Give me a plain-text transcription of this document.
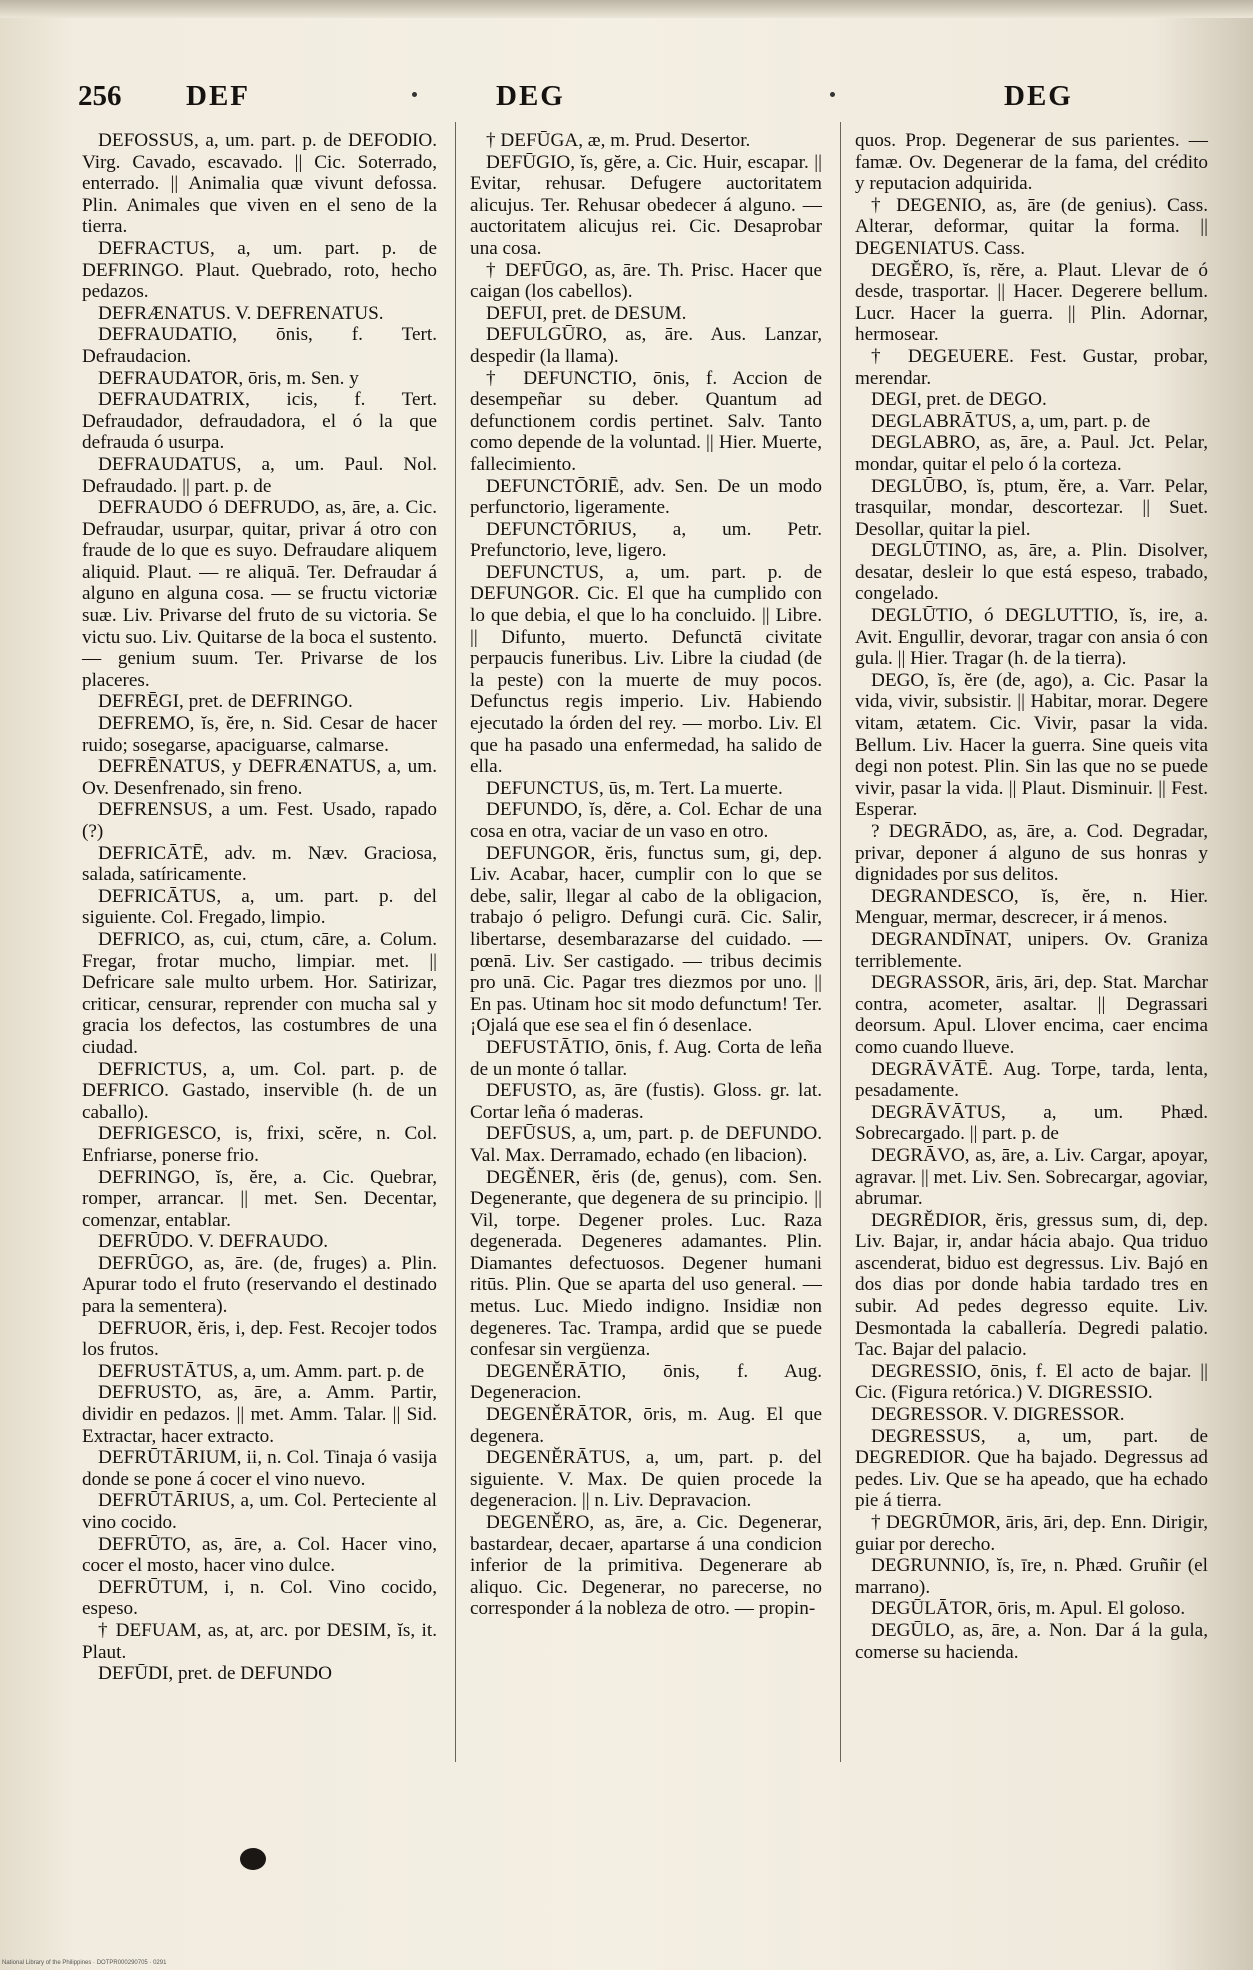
256 DEF	DEG	DEG
DEFOSSUS, a, um. part. p. de DEFODIO. Virg. Cavado, escavado. || Cic. Soterrado, enterrado. || Animalia quæ vivunt defossa. Plin. Animales que viven en el seno de la tierra.
DEFRACTUS, a, um. part. p. de DEFRINGO. Plaut. Quebrado, roto, hecho pedazos.
DEFRÆNATUS. V. DEFRENATUS.
DEFRAUDATIO, ōnis, f. Tert. Defraudacion.
DEFRAUDATOR, ōris, m. Sen. y
DEFRAUDATRIX, icis, f. Tert. Defraudador, defraudadora, el ó la que defrauda ó usurpa.
DEFRAUDATUS, a, um. Paul. Nol. Defraudado. || part. p. de
DEFRAUDO ó DEFRUDO, as, āre, a. Cic. Defraudar, usurpar, quitar, privar á otro con fraude de lo que es suyo. Defraudare aliquem aliquid. Plaut. — re aliquā. Ter. Defraudar á alguno en alguna cosa. — se fructu victoriæ suæ. Liv. Privarse del fruto de su victoria. Se victu suo. Liv. Quitarse de la boca el sustento. — genium suum. Ter. Privarse de los placeres.
DEFRĒGI, pret. de DEFRINGO.
DEFREMO, ĭs, ĕre, n. Sid. Cesar de hacer ruido; sosegarse, apaciguarse, calmarse.
DEFRĒNATUS, y DEFRÆNATUS, a, um. Ov. Desenfrenado, sin freno.
DEFRENSUS, a um. Fest. Usado, rapado (?)
DEFRICĀTĒ, adv. m. Næv. Graciosa, salada, satíricamente.
DEFRICĀTUS, a, um. part. p. del siguiente. Col. Fregado, limpio.
DEFRICO, as, cui, ctum, cāre, a. Colum. Fregar, frotar mucho, limpiar. met. || Defricare sale multo urbem. Hor. Satirizar, criticar, censurar, reprender con mucha sal y gracia los defectos, las costumbres de una ciudad.
DEFRICTUS, a, um. Col. part. p. de DEFRICO. Gastado, inservible (h. de un caballo).
DEFRIGESCO, is, frixi, scĕre, n. Col. Enfriarse, ponerse frio.
DEFRINGO, ĭs, ĕre, a. Cic. Quebrar, romper, arrancar. || met. Sen. Decentar, comenzar, entablar.
DEFRŪDO. V. DEFRAUDO.
DEFRŪGO, as, āre. (de, fruges) a. Plin. Apurar todo el fruto (reservando el destinado para la sementera).
DEFRUOR, ĕris, i, dep. Fest. Recojer todos los frutos.
DEFRUSTĀTUS, a, um. Amm. part. p. de
DEFRUSTO, as, āre, a. Amm. Partir, dividir en pedazos. || met. Amm. Talar. || Sid. Extractar, hacer extracto.
DEFRŪTĀRIUM, ii, n. Col. Tinaja ó vasija donde se pone á cocer el vino nuevo.
DEFRŪTĀRIUS, a, um. Col. Perteciente al vino cocido.
DEFRŪTO, as, āre, a. Col. Hacer vino, cocer el mosto, hacer vino dulce.
DEFRŪTUM, i, n. Col. Vino cocido, espeso.
† DEFUAM, as, at, arc. por DESIM, ĭs, it. Plaut.
DEFŪDI, pret. de DEFUNDO
† DEFŪGA, æ, m. Prud. Desertor.
DEFŪGIO, ĭs, gĕre, a. Cic. Huir, escapar. || Evitar, rehusar. Defugere auctoritatem alicujus. Ter. Rehusar obedecer á alguno. — auctoritatem alicujus rei. Cic. Desaprobar una cosa.
† DEFŪGO, as, āre. Th. Prisc. Hacer que caigan (los cabellos).
DEFUI, pret. de DESUM.
DEFULGŪRO, as, āre. Aus. Lanzar, despedir (la llama).
† DEFUNCTIO, ōnis, f. Accion de desempeñar su deber. Quantum ad defunctionem cordis pertinet. Salv. Tanto como depende de la voluntad. || Hier. Muerte, fallecimiento.
DEFUNCTŌRIĒ, adv. Sen. De un modo perfunctorio, ligeramente.
DEFUNCTŌRIUS, a, um. Petr. Prefunctorio, leve, ligero.
DEFUNCTUS, a, um. part. p. de DEFUNGOR. Cic. El que ha cumplido con lo que debia, el que lo ha concluido. || Libre. || Difunto, muerto. Defunctā civitate perpaucis funeribus. Liv. Libre la ciudad (de la peste) con la muerte de muy pocos. Defunctus regis imperio. Liv. Habiendo ejecutado la órden del rey. — morbo. Liv. El que ha pasado una enfermedad, ha salido de ella.
DEFUNCTUS, ūs, m. Tert. La muerte.
DEFUNDO, ĭs, dĕre, a. Col. Echar de una cosa en otra, vaciar de un vaso en otro.
DEFUNGOR, ĕris, functus sum, gi, dep. Liv. Acabar, hacer, cumplir con lo que se debe, salir, llegar al cabo de la obligacion, trabajo ó peligro. Defungi curā. Cic. Salir, libertarse, desembarazarse del cuidado. — pœnā. Liv. Ser castigado. — tribus decimis pro unā. Cic. Pagar tres diezmos por uno. || En pas. Utinam hoc sit modo defunctum! Ter. ¡Ojalá que ese sea el fin ó desenlace.
DEFUSTĀTIO, ōnis, f. Aug. Corta de leña de un monte ó tallar.
DEFUSTO, as, āre (fustis). Gloss. gr. lat. Cortar leña ó maderas.
DEFŪSUS, a, um, part. p. de DEFUNDO. Val. Max. Derramado, echado (en libacion).
DEGĔNER, ĕris (de, genus), com. Sen. Degenerante, que degenera de su principio. || Vil, torpe. Degener proles. Luc. Raza degenerada. Degeneres adamantes. Plin. Diamantes defectuosos. Degener humani ritūs. Plin. Que se aparta del uso general. — metus. Luc. Miedo indigno. Insidiæ non degeneres. Tac. Trampa, ardid que se puede confesar sin vergüenza.
DEGENĔRĀTIO, ōnis, f. Aug. Degeneracion.
DEGENĔRĀTOR, ōris, m. Aug. El que degenera.
DEGENĔRĀTUS, a, um, part. p. del siguiente. V. Max. De quien procede la degeneracion. || n. Liv. Depravacion.
DEGENĔRO, as, āre, a. Cic. Degenerar, bastardear, decaer, apartarse á una condicion inferior de la primitiva. Degenerare ab aliquo. Cic. Degenerar, no parecerse, no corresponder á la nobleza de otro. — propin-
quos. Prop. Degenerar de sus parientes. — famæ. Ov. Degenerar de la fama, del crédito y reputacion adquirida.
† DEGENIO, as, āre (de genius). Cass. Alterar, deformar, quitar la forma. || DEGENIATUS. Cass.
DEGĔRO, ĭs, rĕre, a. Plaut. Llevar de ó desde, trasportar. || Hacer. Degerere bellum. Lucr. Hacer la guerra. || Plin. Adornar, hermosear.
† DEGEUERE. Fest. Gustar, probar, merendar.
DEGI, pret. de DEGO.
DEGLABRĀTUS, a, um, part. p. de
DEGLABRO, as, āre, a. Paul. Jct. Pelar, mondar, quitar el pelo ó la corteza.
DEGLŪBO, ĭs, ptum, ĕre, a. Varr. Pelar, trasquilar, mondar, descortezar. || Suet. Desollar, quitar la piel.
DEGLŪTINO, as, āre, a. Plin. Disolver, desatar, desleir lo que está espeso, trabado, congelado.
DEGLŪTIO, ó DEGLUTTIO, ĭs, ire, a. Avit. Engullir, devorar, tragar con ansia ó con gula. || Hier. Tragar (h. de la tierra).
DEGO, ĭs, ĕre (de, ago), a. Cic. Pasar la vida, vivir, subsistir. || Habitar, morar. Degere vitam, ætatem. Cic. Vivir, pasar la vida. Bellum. Liv. Hacer la guerra. Sine queis vita degi non potest. Plin. Sin las que no se puede vivir, pasar la vida. || Plaut. Disminuir. || Fest. Esperar.
? DEGRĀDO, as, āre, a. Cod. Degradar, privar, deponer á alguno de sus honras y dignidades por sus delitos.
DEGRANDESCO, ĭs, ĕre, n. Hier. Menguar, mermar, descrecer, ir á menos.
DEGRANDĪNAT, unipers. Ov. Graniza terriblemente.
DEGRASSOR, āris, āri, dep. Stat. Marchar contra, acometer, asaltar. || Degrassari deorsum. Apul. Llover encima, caer encima como cuando llueve.
DEGRĀVĀTĒ. Aug. Torpe, tarda, lenta, pesadamente.
DEGRĀVĀTUS, a, um. Phæd. Sobrecargado. || part. p. de
DEGRĀVO, as, āre, a. Liv. Cargar, apoyar, agravar. || met. Liv. Sen. Sobrecargar, agoviar, abrumar.
DEGRĔDIOR, ĕris, gressus sum, di, dep. Liv. Bajar, ir, andar hácia abajo. Qua triduo ascenderat, biduo est degressus. Liv. Bajó en dos dias por donde habia tardado tres en subir. Ad pedes degresso equite. Liv. Desmontada la caballería. Degredi palatio. Tac. Bajar del palacio.
DEGRESSIO, ōnis, f. El acto de bajar. || Cic. (Figura retórica.) V. DIGRESSIO.
DEGRESSOR. V. DIGRESSOR.
DEGRESSUS, a, um, part. de DEGREDIOR. Que ha bajado. Degressus ad pedes. Liv. Que se ha apeado, que ha echado pie á tierra.
† DEGRŪMOR, āris, āri, dep. Enn. Dirigir, guiar por derecho.
DEGRUNNIO, ĭs, īre, n. Phæd. Gruñir (el marrano).
DEGŪLĀTOR, ōris, m. Apul. El goloso.
DEGŪLO, as, āre, a. Non. Dar á la gula, comerse su hacienda.
National Library of the Philippines · DOTPR000290705 · 0291
